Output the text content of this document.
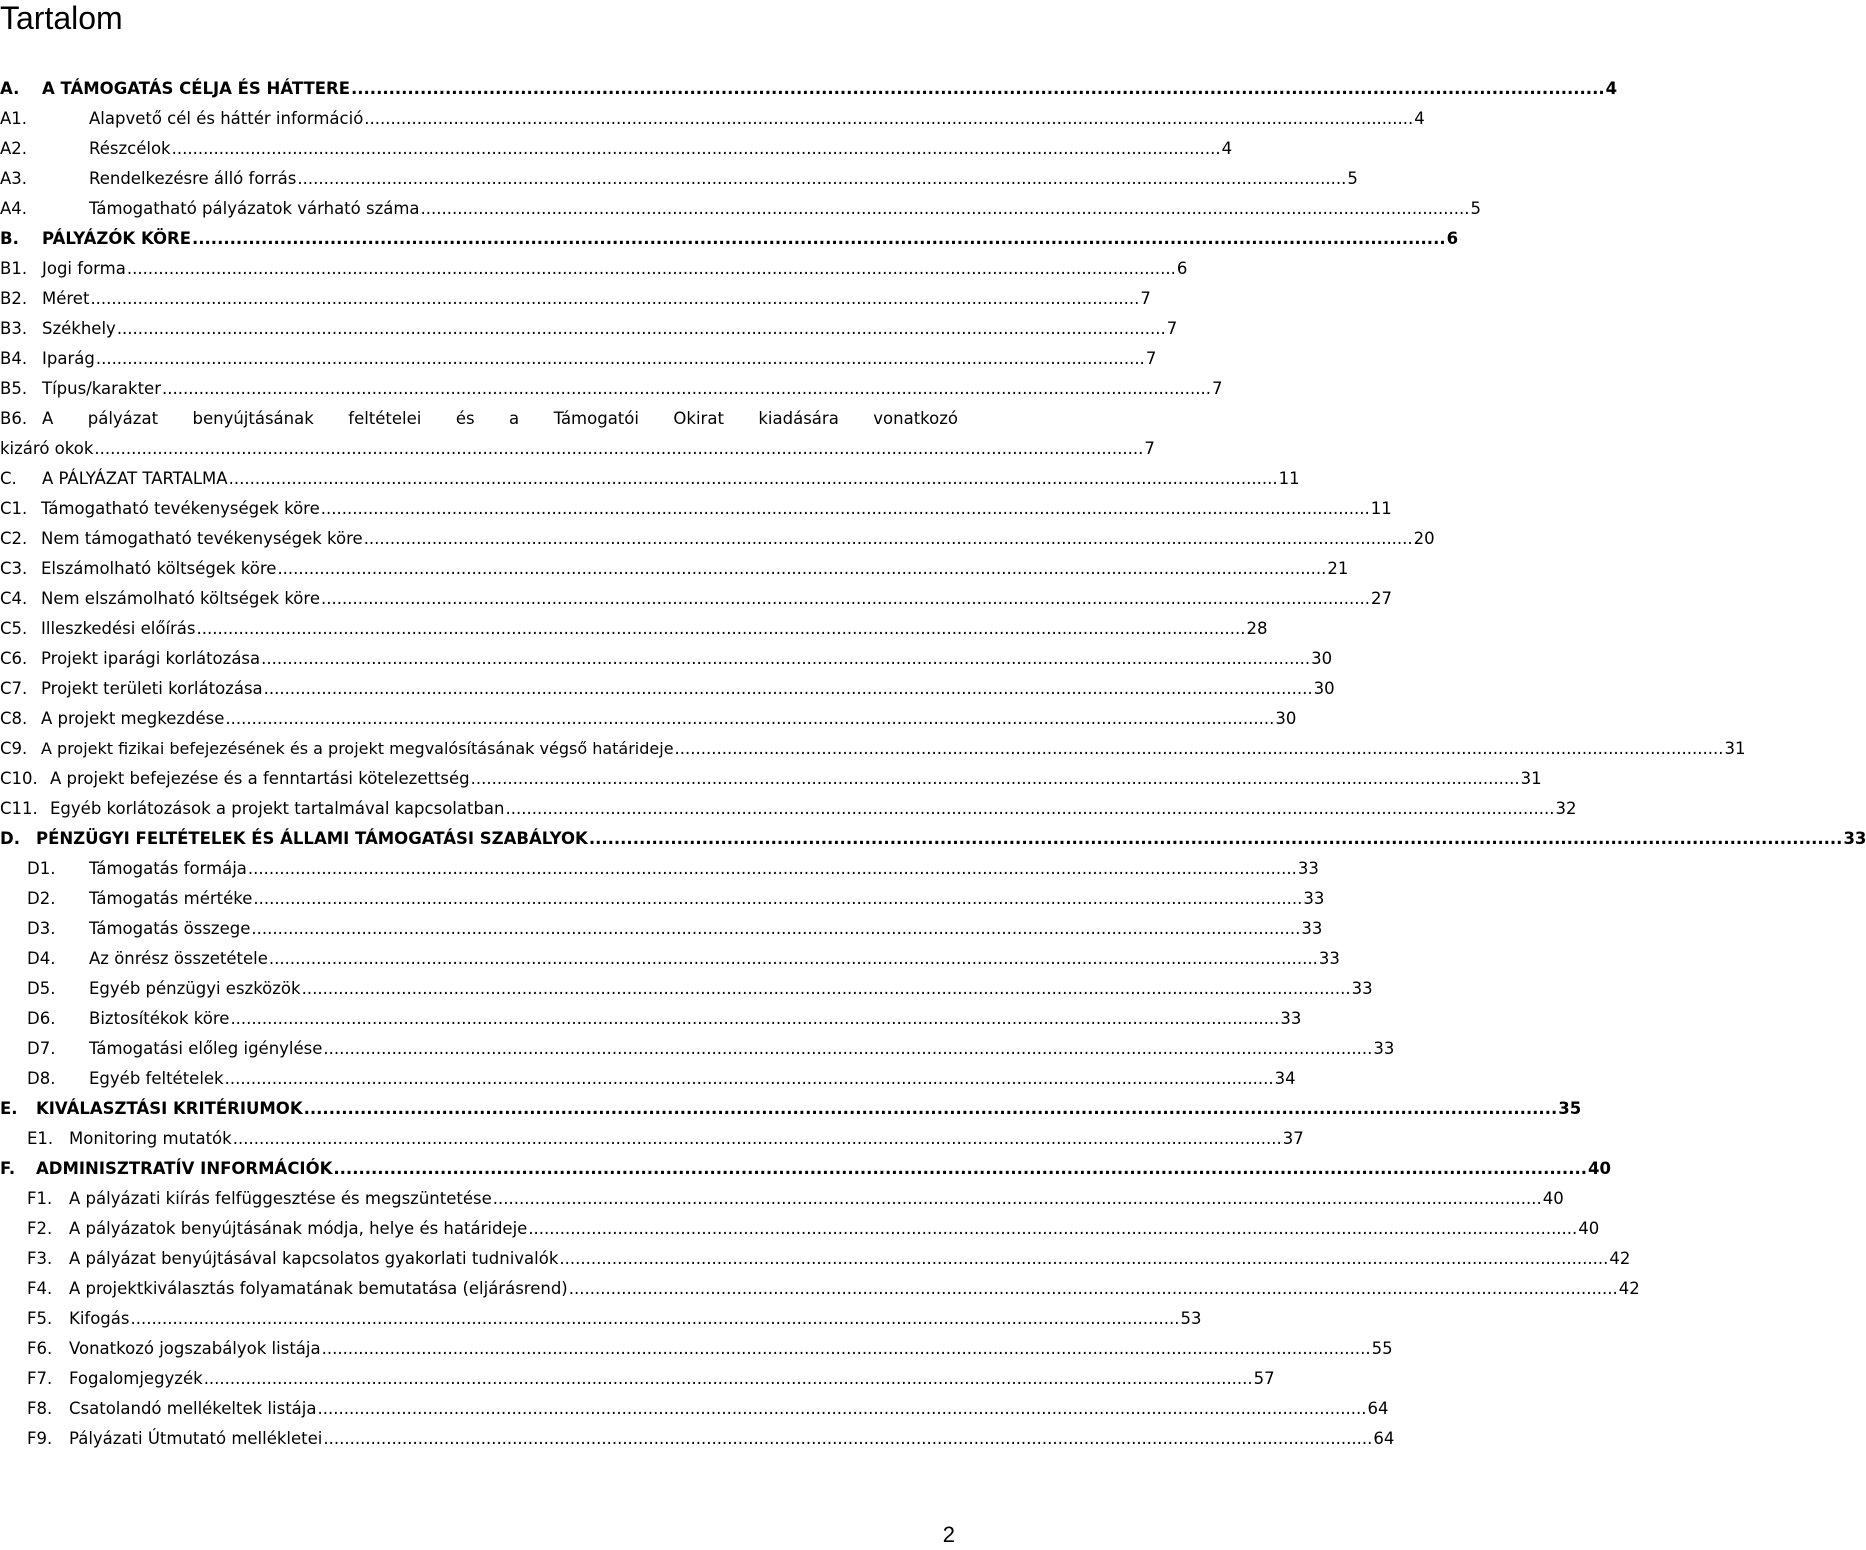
Tartalom
A.	A TÁMOGATÁS CÉLJA ÉS HÁTTERE ........................................................................................................................................................................................................ 4
A1.	Alapvető cél és háttér információ ........................................................................................................................................................................................................ 4
A2.	Részcélok ........................................................................................................................................................................................................ 4
A3.	Rendelkezésre álló forrás ........................................................................................................................................................................................................ 5
A4.	Támogatható pályázatok várható száma ........................................................................................................................................................................................................ 5
B.	PÁLYÁZÓK KÖRE ........................................................................................................................................................................................................ 6
B1. Jogi forma ........................................................................................................................................................................................................ 6
B2. Méret ........................................................................................................................................................................................................ 7
B3. Székhely ........................................................................................................................................................................................................ 7
B4. Iparág ........................................................................................................................................................................................................ 7
B5. Típus/karakter ........................................................................................................................................................................................................ 7
B6. A pályázat benyújtásának feltételei és a Támogatói Okirat kiadására vonatkozó
kizáró okok ........................................................................................................................................................................................................ 7
C.	A PÁLYÁZAT TARTALMA ........................................................................................................................................................................................................ 11
C1. Támogatható tevékenységek köre ........................................................................................................................................................................................................ 11
C2. Nem támogatható tevékenységek köre ........................................................................................................................................................................................................ 20
C3. Elszámolható költségek köre ........................................................................................................................................................................................................ 21
C4. Nem elszámolható költségek köre ........................................................................................................................................................................................................ 27
C5. Illeszkedési előírás ........................................................................................................................................................................................................ 28
C6. Projekt iparági korlátozása ........................................................................................................................................................................................................ 30
C7. Projekt területi korlátozása ........................................................................................................................................................................................................ 30
C8. A projekt megkezdése ........................................................................................................................................................................................................ 30
C9. A projekt fizikai befejezésének és a projekt megvalósításának végső határideje ........................................................................................................................................................................................................ 31
C10. A projekt befejezése és a fenntartási kötelezettség ........................................................................................................................................................................................................ 31
C11. Egyéb korlátozások a projekt tartalmával kapcsolatban ........................................................................................................................................................................................................ 32
D. PÉNZÜGYI FELTÉTELEK ÉS ÁLLAMI TÁMOGATÁSI SZABÁLYOK ........................................................................................................................................................................................................ 33
D1.	Támogatás formája ........................................................................................................................................................................................................ 33
D2.	Támogatás mértéke ........................................................................................................................................................................................................ 33
D3.	Támogatás összege ........................................................................................................................................................................................................ 33
D4.	Az önrész összetétele ........................................................................................................................................................................................................ 33
D5.	Egyéb pénzügyi eszközök ........................................................................................................................................................................................................ 33
D6.	Biztosítékok köre ........................................................................................................................................................................................................ 33
D7.	Támogatási előleg igénylése ........................................................................................................................................................................................................ 33
D8.	Egyéb feltételek ........................................................................................................................................................................................................ 34
E.	KIVÁLASZTÁSI KRITÉRIUMOK ........................................................................................................................................................................................................ 35
E1. Monitoring mutatók ........................................................................................................................................................................................................ 37
F.	ADMINISZTRATÍV INFORMÁCIÓK ........................................................................................................................................................................................................ 40
F1.	A pályázati kiírás felfüggesztése és megszüntetése ........................................................................................................................................................................................................ 40
F2.	A pályázatok benyújtásának módja, helye és határideje ........................................................................................................................................................................................................ 40
F3.	A pályázat benyújtásával kapcsolatos gyakorlati tudnivalók ........................................................................................................................................................................................................ 42
F4.	A projektkiválasztás folyamatának bemutatása (eljárásrend) ........................................................................................................................................................................................................ 42
F5.	Kifogás ........................................................................................................................................................................................................ 53
F6.	Vonatkozó jogszabályok listája ........................................................................................................................................................................................................ 55
F7.	Fogalomjegyzék ........................................................................................................................................................................................................ 57
F8.	Csatolandó mellékeltek listája ........................................................................................................................................................................................................ 64
F9.	Pályázati Útmutató mellékletei ........................................................................................................................................................................................................ 64
2
